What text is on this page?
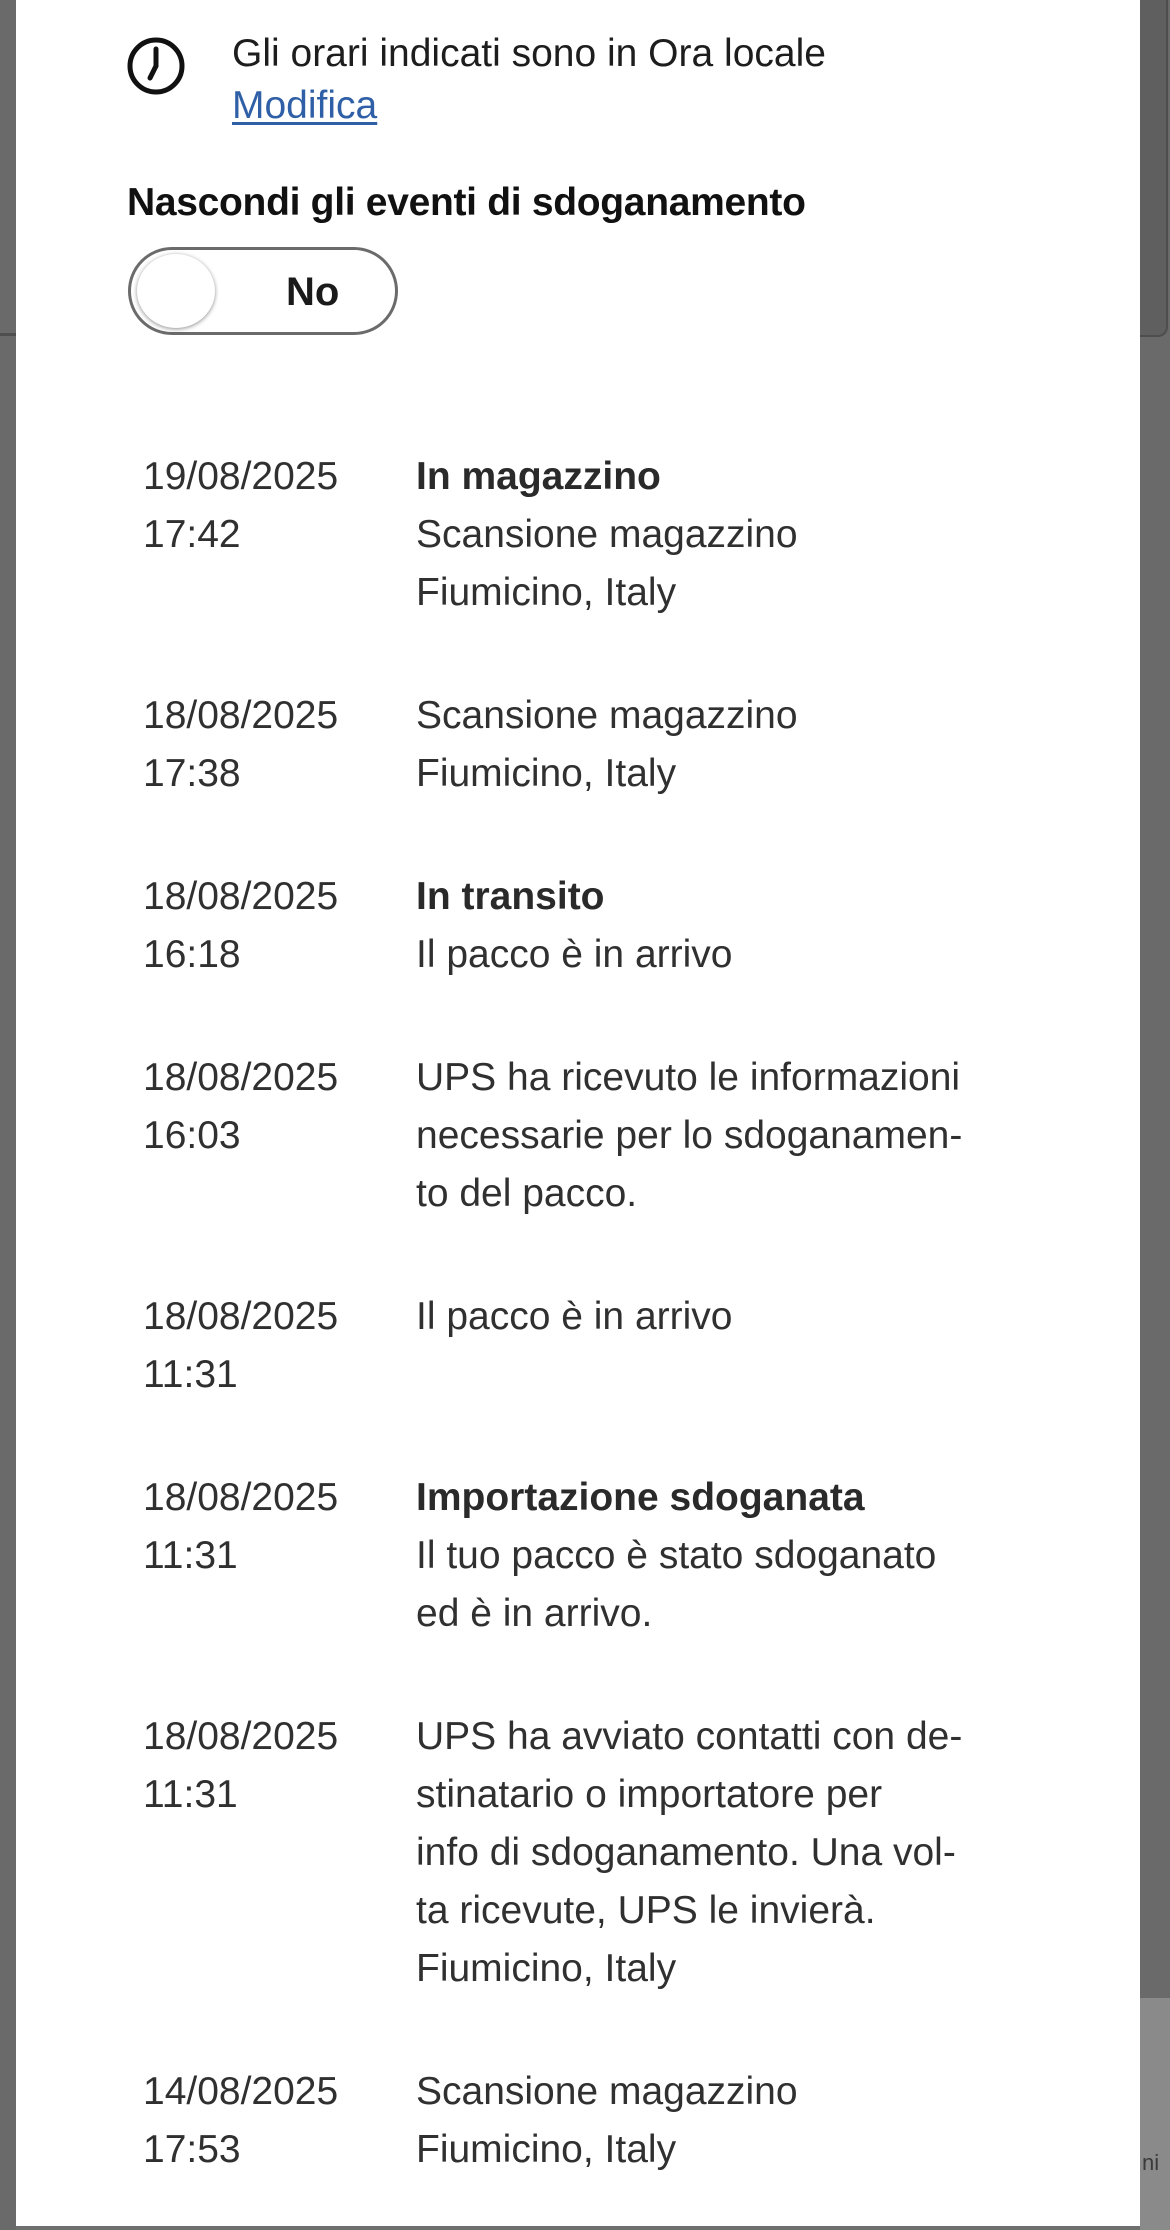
ni
Gli orari indicati sono in Ora locale
Modifica
Nascondi gli eventi di sdoganamento
No
19/08/2025
17:42
In magazzino
Scansione magazzino
Fiumicino, Italy
18/08/2025
17:38
Scansione magazzino
Fiumicino, Italy
18/08/2025
16:18
In transito
Il pacco è in arrivo
18/08/2025
16:03
UPS ha ricevuto le informazioni
necessarie per lo sdoganamen-
to del pacco.
18/08/2025
11:31
Il pacco è in arrivo
18/08/2025
11:31
Importazione sdoganata
Il tuo pacco è stato sdoganato
ed è in arrivo.
18/08/2025
11:31
UPS ha avviato contatti con de-
stinatario o importatore per
info di sdoganamento. Una vol-
ta ricevute, UPS le invierà.
Fiumicino, Italy
14/08/2025
17:53
Scansione magazzino
Fiumicino, Italy
